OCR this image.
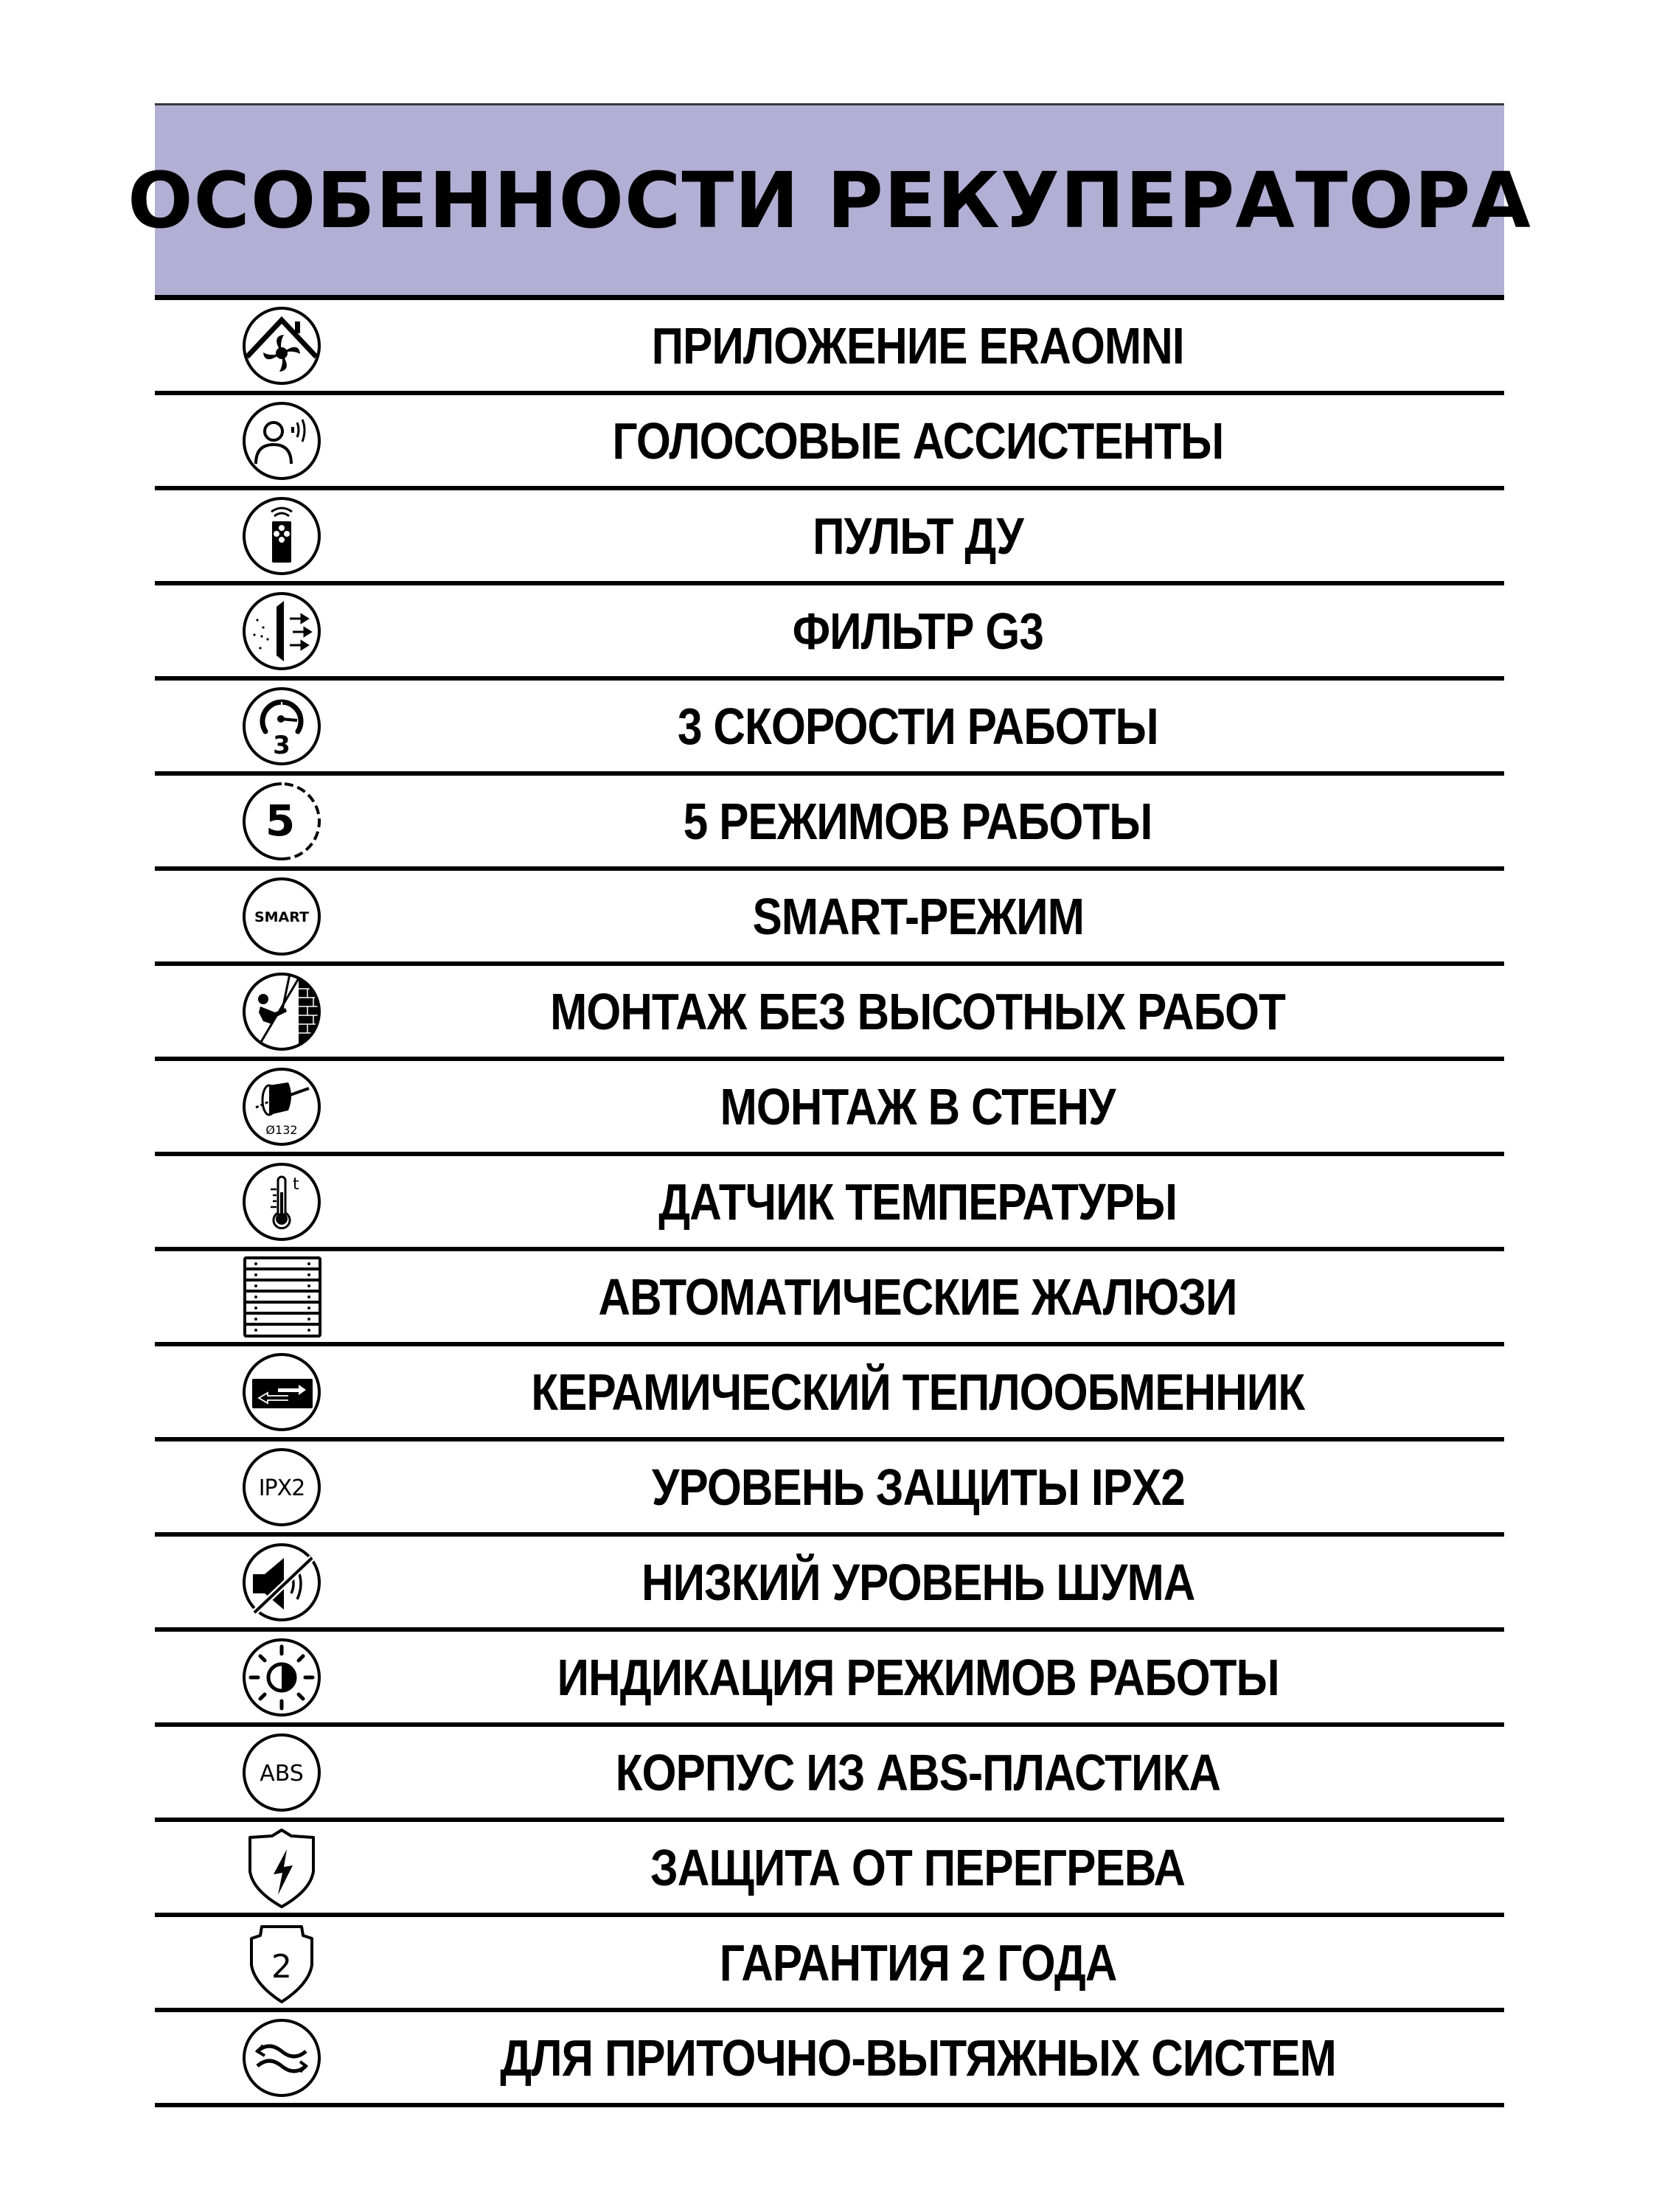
ОСОБЕННОСТИ РЕКУПЕРАТОРА
ПРИЛОЖЕНИЕ ERAOMNI
ГОЛОСОВЫЕ АССИСТЕНТЫ
ПУЛЬТ ДУ
ФИЛЬТР G3
3	3 СКОРОСТИ РАБОТЫ
5	5 РЕЖИМОВ РАБОТЫ
SMART	SMART-РЕЖИМ
МОНТАЖ БЕЗ ВЫСОТНЫХ РАБОТ
Ø132	МОНТАЖ В СТЕНУ
t	ДАТЧИК ТЕМПЕРАТУРЫ
АВТОМАТИЧЕСКИЕ ЖАЛЮЗИ
КЕРАМИЧЕСКИЙ ТЕПЛООБМЕННИК
IPX2	УРОВЕНЬ ЗАЩИТЫ IPX2
НИЗКИЙ УРОВЕНЬ ШУМА
ИНДИКАЦИЯ РЕЖИМОВ РАБОТЫ
ABS	КОРПУС ИЗ ABS-ПЛАСТИКА
ЗАЩИТА ОТ ПЕРЕГРЕВА
2	ГАРАНТИЯ 2 ГОДА
ДЛЯ ПРИТОЧНО-ВЫТЯЖНЫХ СИСТЕМ
